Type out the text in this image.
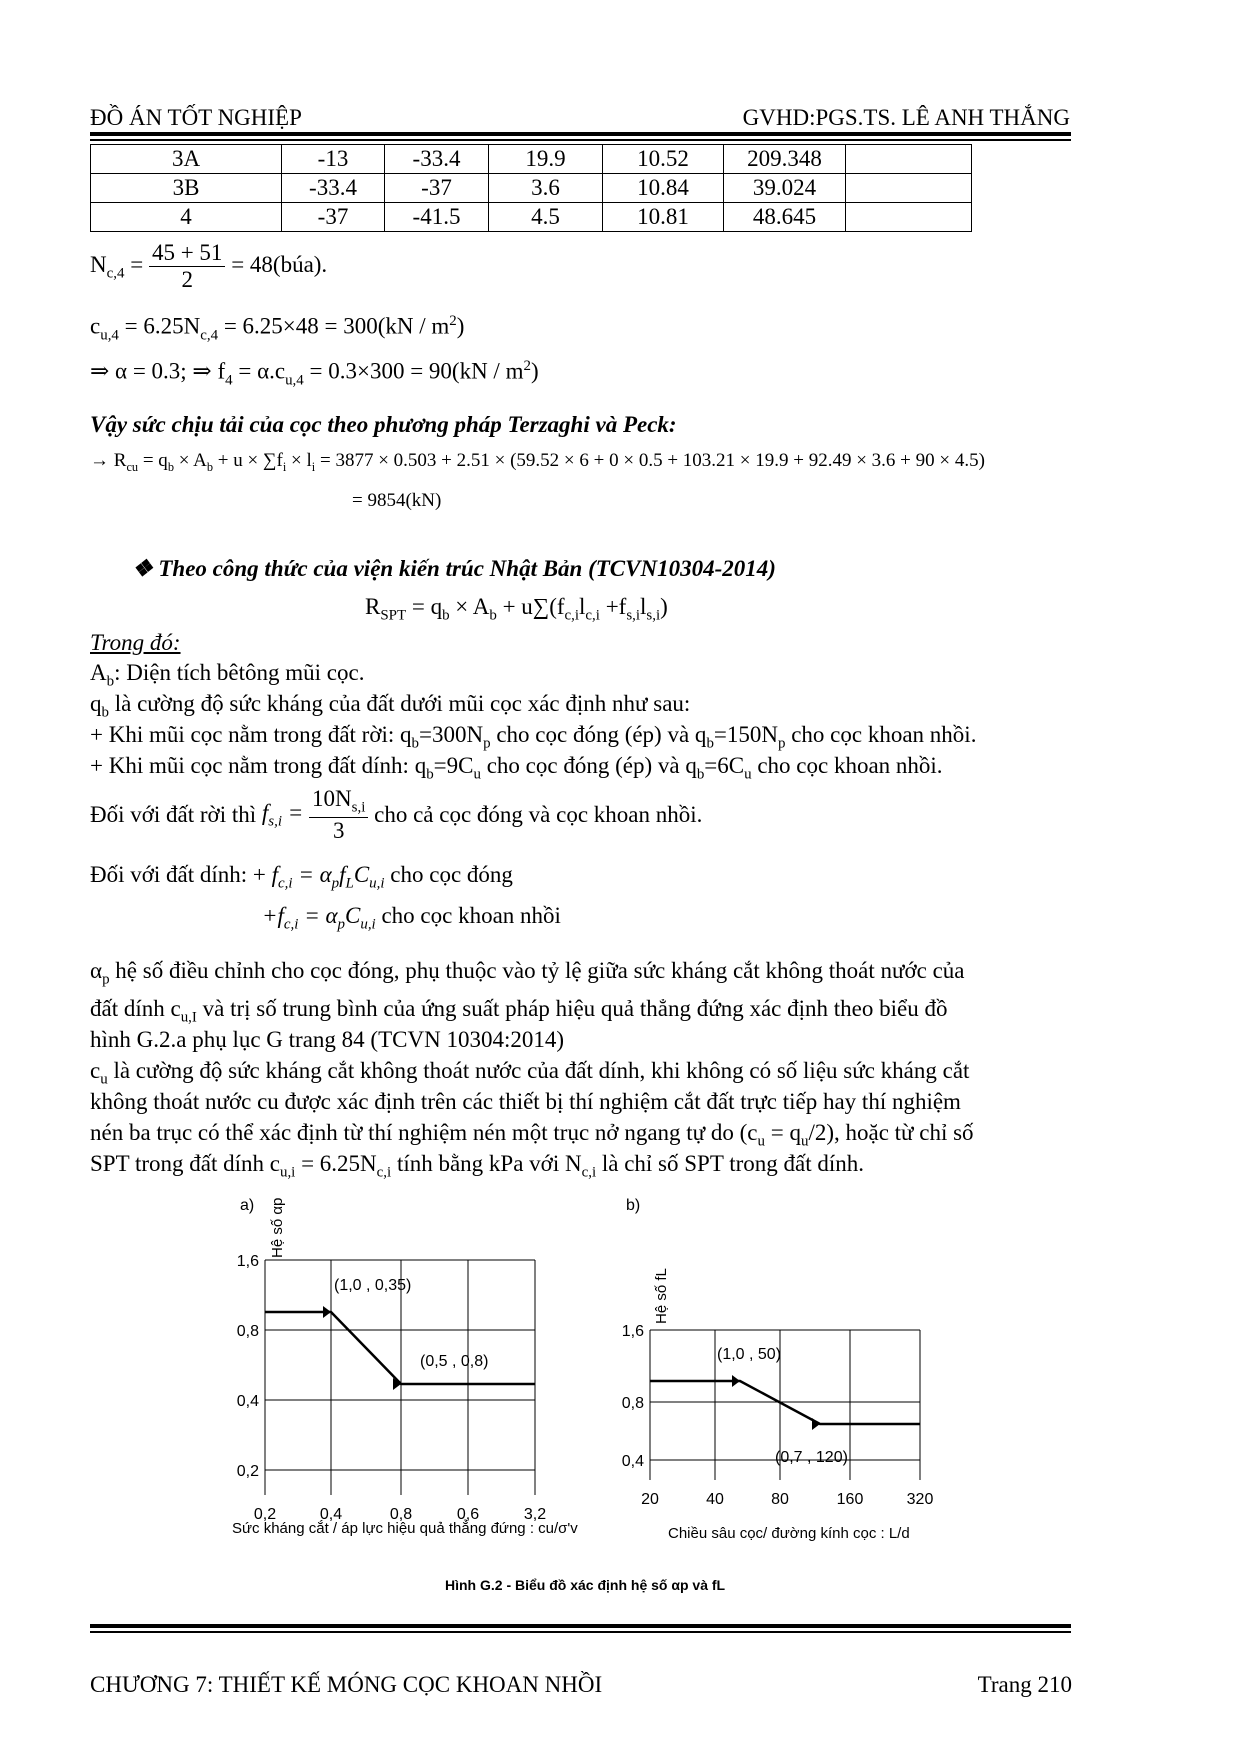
ĐỒ ÁN TỐT NGHIỆP	GVHD:PGS.TS. LÊ ANH THẮNG
3A	-13	-33.4	19.9	10.52	209.348	
3B	-33.4	-37	3.6	10.84	39.024	
4	-37	-41.5	4.5	10.81	48.645	
$N_{c,4} = \frac{45 + 51}{2}$ = 48(búa).
$c_{u,4} = 6.25N_{c,4} = 6.25\times 48 = 300(kN / m^2)$
⇒ α = 0.3; ⇒ $f_4 = \alpha.c_{u,4} = 0.3\times 300 = 90(kN / m^2)$
Vậy sức chịu tải của cọc theo phương pháp Terzaghi và Peck:
→ $R_{cu} = q_b \times A_b + u \times \sum f_i \times l_i = 3877 \times 0.503 + 2.51 \times (59.52 \times 6 + 0 \times 0.5 + 103.21 \times 19.9 + 92.49 \times 3.6 + 90 \times 4.5)$
= 9854(kN)
❖ Theo công thức của viện kiến trúc Nhật Bản (TCVN10304-2014)
$R_{SPT} = q_b \times A_b + u\sum(f_{c,i}l_{c,i} +f_{s,i}l_{s,i})$
Trong đó:
$A_b$: Diện tích bêtông mũi cọc.
$q_b$ là cường độ sức kháng của đất dưới mũi cọc xác định như sau:
+ Khi mũi cọc nằm trong đất rời: $q_b=300N_p$ cho cọc đóng (ép) và $q_b=150N_p$ cho cọc khoan nhồi.
+ Khi mũi cọc nằm trong đất dính: $q_b=9C_u$ cho cọc đóng (ép) và $q_b=6C_u$ cho cọc khoan nhồi.
Đối với đất rời thì $f_{s,i} = \frac{10N_{s,i}}{3}$ cho cả cọc đóng và cọc khoan nhồi.
Đối với đất dính: + $f_{c,i} = \alpha_pf_LC_{u,i}$ cho cọc đóng
$+f_{c,i} = \alpha_pC_{u,i}$ cho cọc khoan nhồi
$\alpha_p$ hệ số điều chỉnh cho cọc đóng, phụ thuộc vào tỷ lệ giữa sức kháng cắt không thoát nước của
đất dính $c_{u,I}$ và trị số trung bình của ứng suất pháp hiệu quả thẳng đứng xác định theo biểu đồ
hình G.2.a phụ lục G trang 84 (TCVN 10304:2014)
$c_u$ là cường độ sức kháng cắt không thoát nước của đất dính, khi không có số liệu sức kháng cắt
không thoát nước cu được xác định trên các thiết bị thí nghiệm cắt đất trực tiếp hay thí nghiệm
nén ba trục có thể xác định từ thí nghiệm nén một trục nở ngang tự do $(c_u = q_u/2)$, hoặc từ chỉ số
SPT trong đất dính $c_{u,i} = 6.25N_{c,i}$ tính bằng kPa với $N_{c,i}$ là chỉ số SPT trong đất dính.
0,2	0,4	0,8	0,6	3,2
1,6
0,8
0,4
0,2
a) Hệ số αp
Sức kháng cắt / áp lực hiệu quả thẳng đứng : cu/σ'v
(1,0 , 0,35)
(0,5 , 0,8)
20	40	80	160	320
1,6
0,8
0,4
b)
Hệ số fL
Chiều sâu cọc/ đường kính cọc : L/d
(1,0 , 50)
(0,7 , 120)
Hình G.2 - Biểu đồ xác định hệ số αp và fL
CHƯƠNG 7: THIẾT KẾ MÓNG CỌC KHOAN NHỒI	Trang 210
